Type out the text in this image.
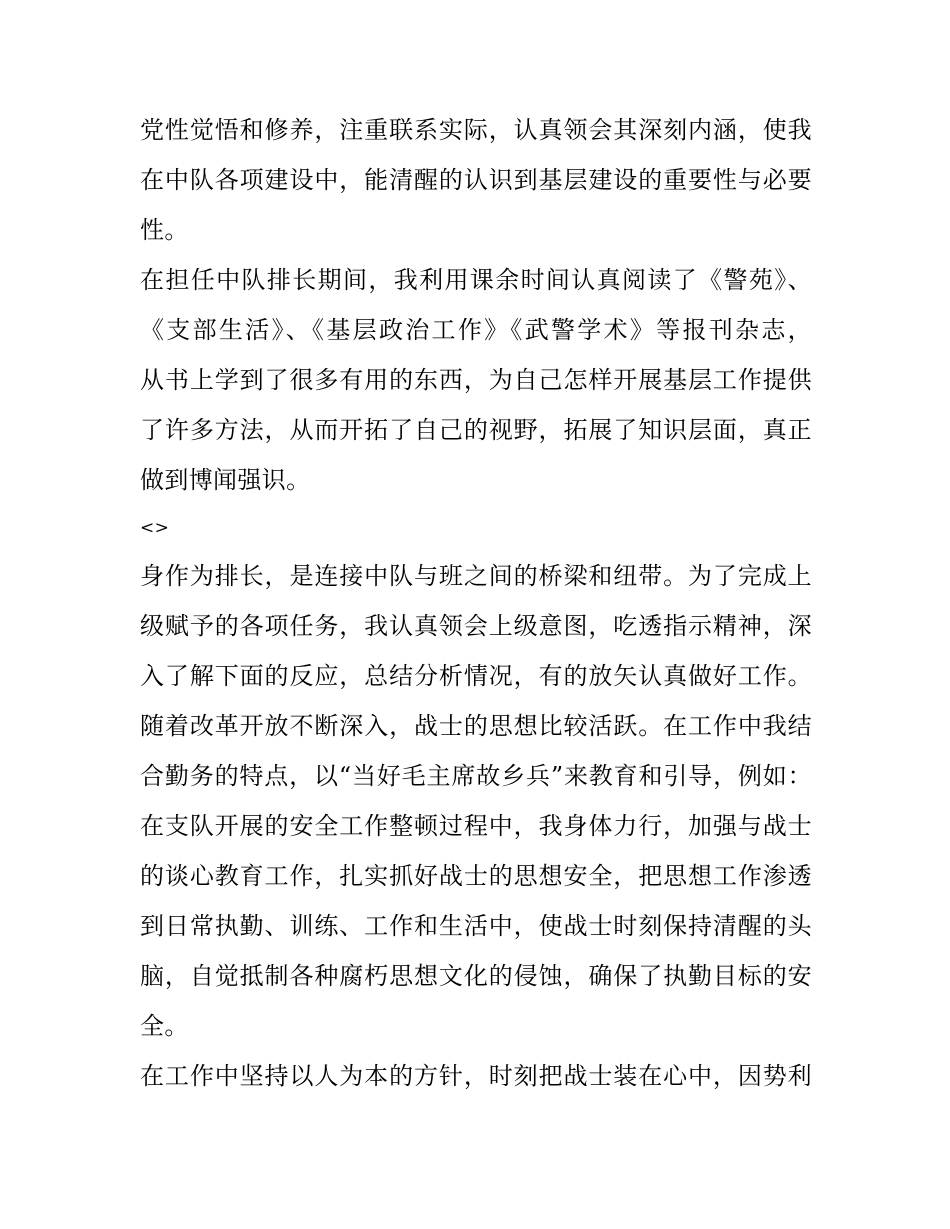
党性觉悟和修养，注重联系实际，认真领会其深刻内涵，使我
在中队各项建设中，能清醒的认识到基层建设的重要性与必要
性。
在担任中队排长期间，我利用课余时间认真阅读了《警苑》、
《支部生活》、《基层政治工作》《武警学术》等报刊杂志，
从书上学到了很多有用的东西，为自己怎样开展基层工作提供
了许多方法，从而开拓了自己的视野，拓展了知识层面，真正
做到博闻强识。
<>
身作为排长，是连接中队与班之间的桥梁和纽带。为了完成上
级赋予的各项任务，我认真领会上级意图，吃透指示精神，深
入了解下面的反应，总结分析情况，有的放矢认真做好工作。
随着改革开放不断深入，战士的思想比较活跃。在工作中我结
合勤务的特点，以“当好毛主席故乡兵”来教育和引导，例如：
在支队开展的安全工作整顿过程中，我身体力行，加强与战士
的谈心教育工作，扎实抓好战士的思想安全，把思想工作渗透
到日常执勤、训练、工作和生活中，使战士时刻保持清醒的头
脑，自觉抵制各种腐朽思想文化的侵蚀，确保了执勤目标的安
全。
在工作中坚持以人为本的方针，时刻把战士装在心中，因势利
